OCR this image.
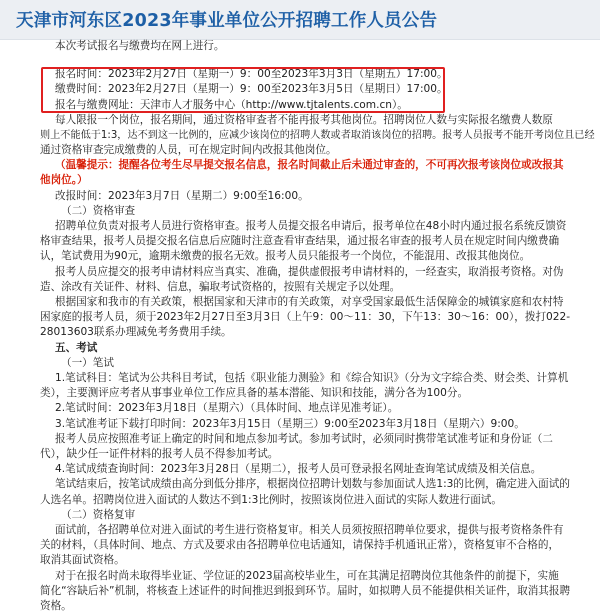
天津市河东区2023年事业单位公开招聘工作人员公告
本次考试报名与缴费均在网上进行。
报名时间：2023年2月27日（星期一）9：00至2023年3月3日（星期五）17:00。
缴费时间：2023年2月27日（星期一）9：00至2023年3月5日（星期日）17:00。
报名与缴费网址：天津市人才服务中心（http://www.tjtalents.com.cn）。
每人限报一个岗位，报名期间，通过资格审查者不能再报考其他岗位。招聘岗位人数与实际报名缴费人数原
则上不能低于1:3，达不到这一比例的，应减少该岗位的招聘人数或者取消该岗位的招聘。报考人员报考不能开考岗位且已经
通过资格审查完成缴费的人员，可在规定时间内改报其他岗位。
（温馨提示：提醒各位考生尽早提交报名信息，报名时间截止后未通过审查的，不可再次报考该岗位或改报其
他岗位。）
改报时间：2023年3月7日（星期二）9:00至16:00。
（二）资格审查
招聘单位负责对报考人员进行资格审查。报考人员提交报名申请后，报考单位在48小时内通过报名系统反馈资
格审查结果，报考人员提交报名信息后应随时注意查看审查结果，通过报名审查的报考人员在规定时间内缴费确
认，笔试费用为90元，逾期未缴费的报名无效。报考人员只能报考一个岗位，不能混用、改报其他岗位。
报考人员应提交的报考申请材料应当真实、准确，提供虚假报考申请材料的，一经查实，取消报考资格。对伪
造、涂改有关证件、材料、信息，骗取考试资格的，按照有关规定予以处理。
根据国家和我市的有关政策，根据国家和天津市的有关政策，对享受国家最低生活保障金的城镇家庭和农村特
困家庭的报考人员，须于2023年2月27日至3月3日（上午9：00～11：30，下午13：30～16：00），拨打022-
28013603联系办理减免考务费用手续。
五、考试
（一）笔试
1.笔试科目：笔试为公共科目考试，包括《职业能力测验》和《综合知识》（分为文字综合类、财会类、计算机
类），主要测评应考者从事事业单位工作应具备的基本潜能、知识和技能，满分各为100分。
2.笔试时间：2023年3月18日（星期六）（具体时间、地点详见准考证）。
3.笔试准考证下载打印时间：2023年3月15日（星期三）9:00至2023年3月18日（星期六）9:00。
报考人员应按照准考证上确定的时间和地点参加考试。参加考试时，必须同时携带笔试准考证和身份证（二
代），缺少任一证件材料的报考人员不得参加考试。
4.笔试成绩查询时间：2023年3月28日（星期二），报考人员可登录报名网址查询笔试成绩及相关信息。
笔试结束后，按笔试成绩由高分到低分排序，根据岗位招聘计划数与参加面试人选1:3的比例，确定进入面试的
人选名单。招聘岗位进入面试的人数达不到1:3比例时，按照该岗位进入面试的实际人数进行面试。
（二）资格复审
面试前，各招聘单位对进入面试的考生进行资格复审。相关人员须按照招聘单位要求，提供与报考资格条件有
关的材料，（具体时间、地点、方式及要求由各招聘单位电话通知，请保持手机通讯正常），资格复审不合格的，
取消其面试资格。
对于在报名时尚未取得毕业证、学位证的2023届高校毕业生，可在其满足招聘岗位其他条件的前提下，实施
简化“容缺后补”机制，将核查上述证件的时间推迟到报到环节。届时，如拟聘人员不能提供相关证件，取消其报聘
资格。
